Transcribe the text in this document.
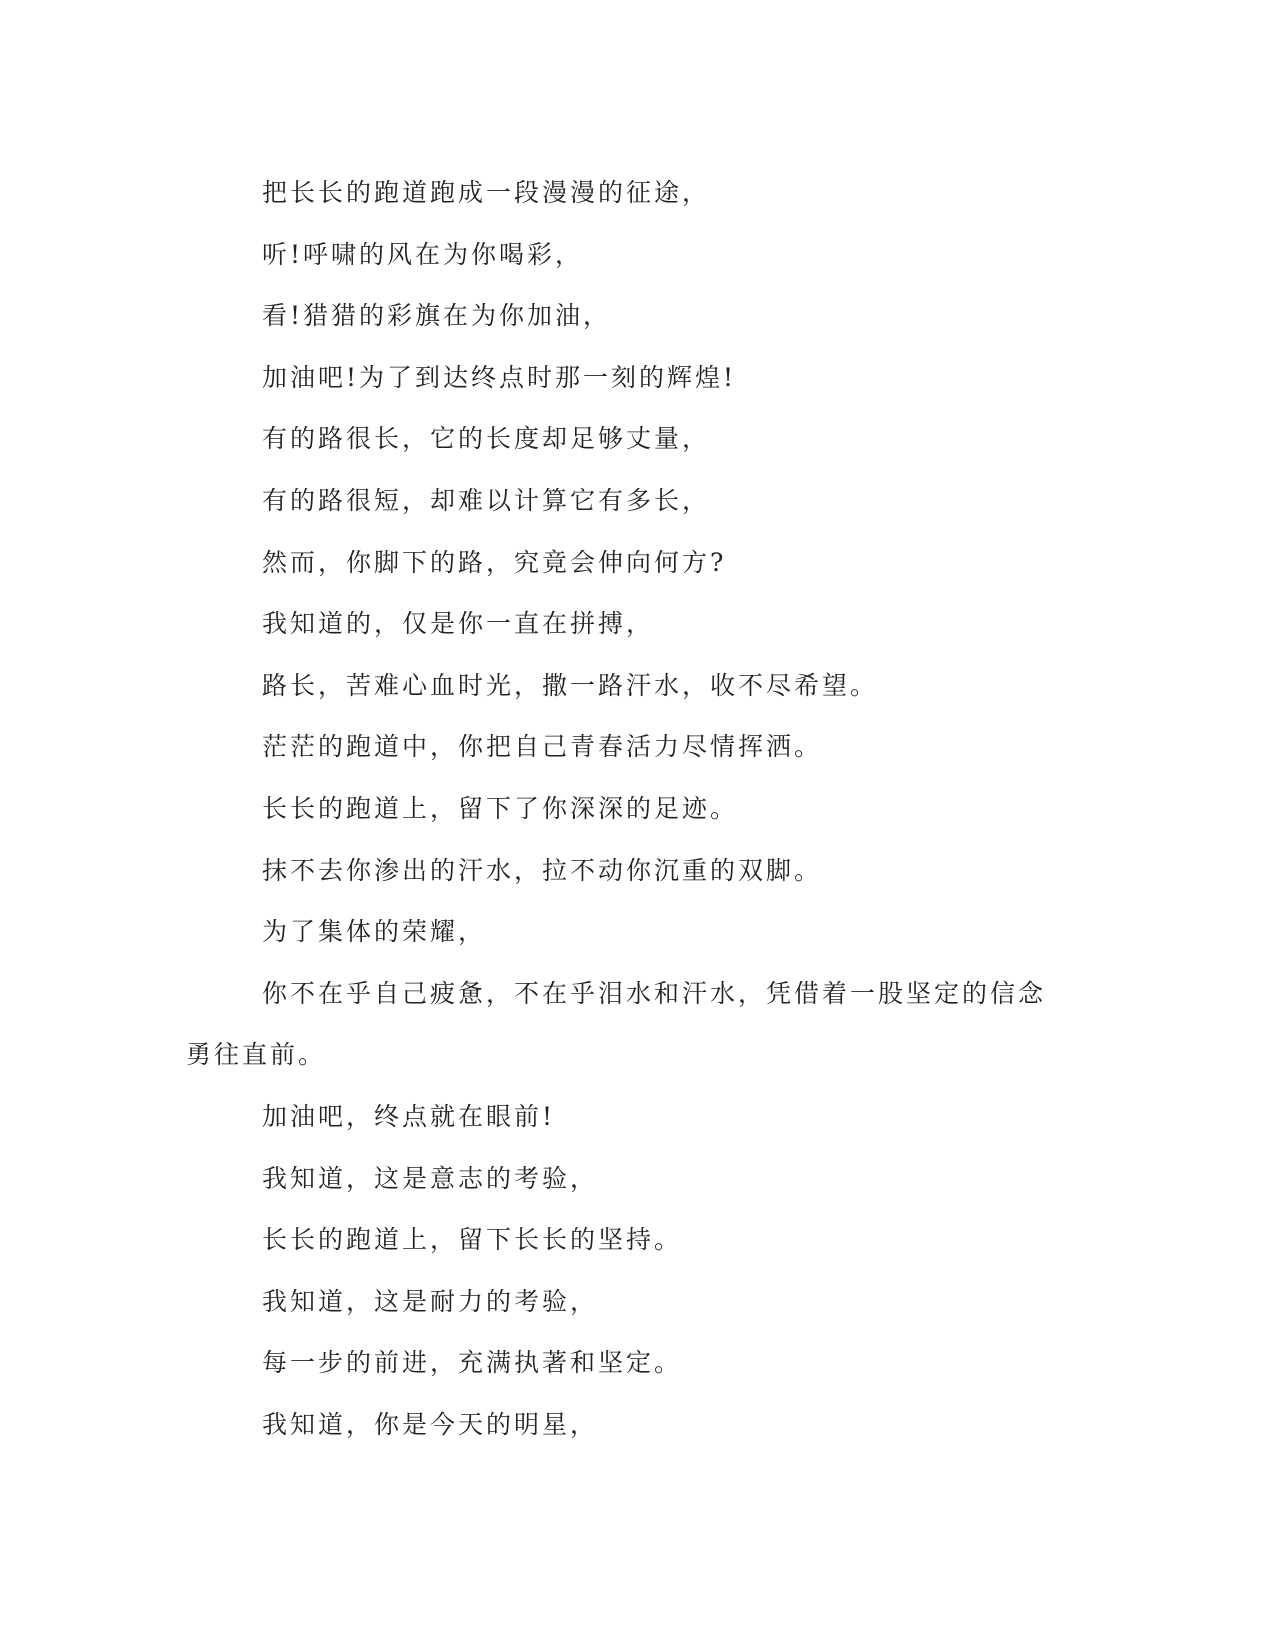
把长长的跑道跑成一段漫漫的征途，

听!呼啸的风在为你喝彩，

看!猎猎的彩旗在为你加油，

加油吧!为了到达终点时那一刻的辉煌!

有的路很长，它的长度却足够丈量，

有的路很短，却难以计算它有多长，

然而，你脚下的路，究竟会伸向何方?

我知道的，仅是你一直在拼搏，

路长，苦难心血时光，撒一路汗水，收不尽希望。

茫茫的跑道中，你把自己青春活力尽情挥洒。

长长的跑道上，留下了你深深的足迹。

抹不去你渗出的汗水，拉不动你沉重的双脚。

为了集体的荣耀，

你不在乎自己疲惫，不在乎泪水和汗水，凭借着一股坚定的信念

勇往直前。

加油吧，终点就在眼前!

我知道，这是意志的考验，

长长的跑道上，留下长长的坚持。

我知道，这是耐力的考验，

每一步的前进，充满执著和坚定。

我知道，你是今天的明星，
